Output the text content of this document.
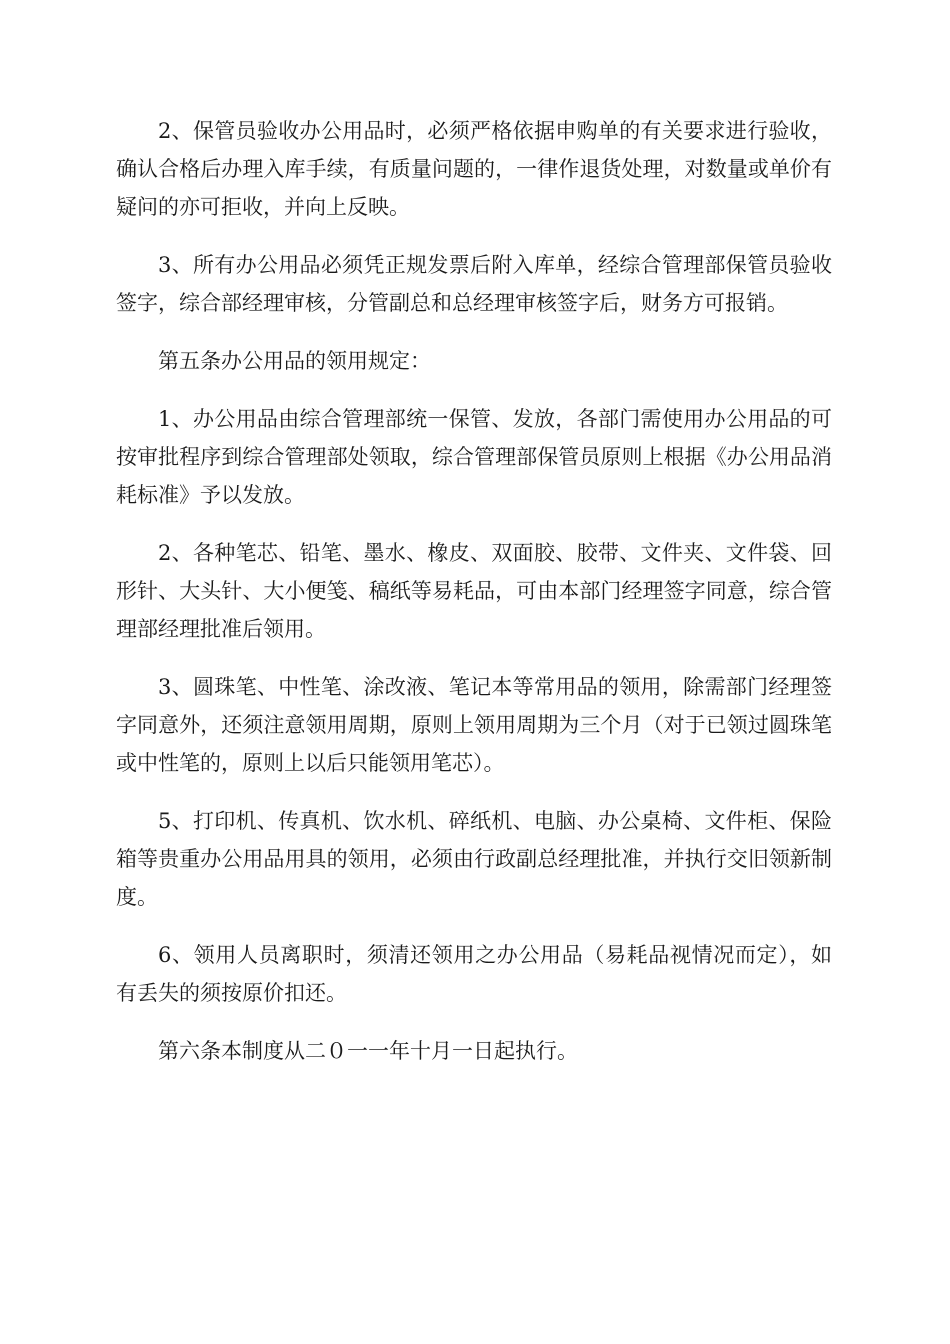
2、保管员验收办公用品时，必须严格依据申购单的有关要求进行验收，确认合格后办理入库手续，有质量问题的，一律作退货处理，对数量或单价有疑问的亦可拒收，并向上反映。

3、所有办公用品必须凭正规发票后附入库单，经综合管理部保管员验收签字，综合部经理审核，分管副总和总经理审核签字后，财务方可报销。

第五条办公用品的领用规定：

1、办公用品由综合管理部统一保管、发放，各部门需使用办公用品的可按审批程序到综合管理部处领取，综合管理部保管员原则上根据《办公用品消耗标准》予以发放。

2、各种笔芯、铅笔、墨水、橡皮、双面胶、胶带、文件夹、文件袋、回形针、大头针、大小便笺、稿纸等易耗品，可由本部门经理签字同意，综合管理部经理批准后领用。

3、圆珠笔、中性笔、涂改液、笔记本等常用品的领用，除需部门经理签字同意外，还须注意领用周期，原则上领用周期为三个月（对于已领过圆珠笔或中性笔的，原则上以后只能领用笔芯）。

5、打印机、传真机、饮水机、碎纸机、电脑、办公桌椅、文件柜、保险箱等贵重办公用品用具的领用，必须由行政副总经理批准，并执行交旧领新制度。

6、领用人员离职时，须清还领用之办公用品（易耗品视情况而定），如有丢失的须按原价扣还。

第六条本制度从二０一一年十月一日起执行。
